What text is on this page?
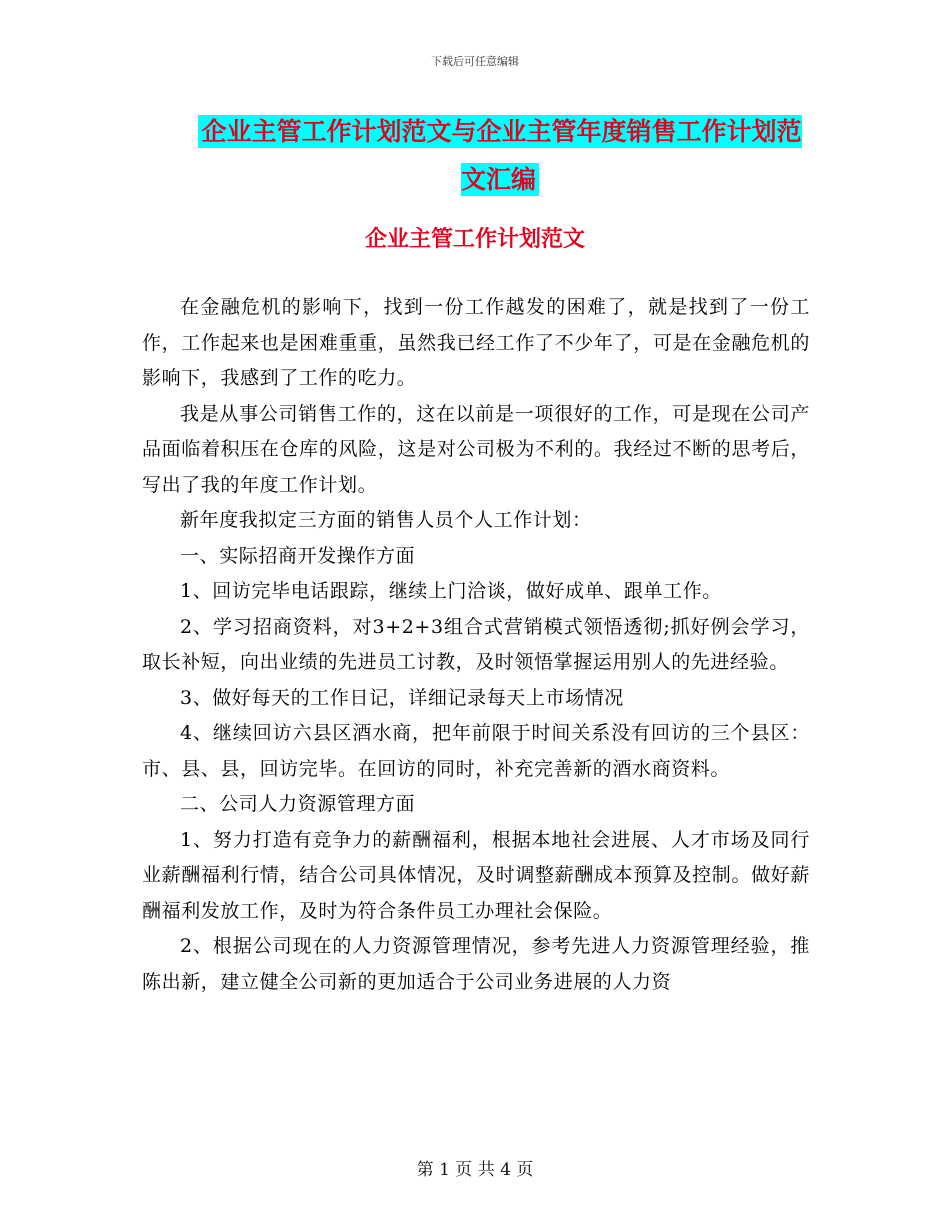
下载后可任意编辑
企业主管工作计划范文与企业主管年度销售工作计划范文汇编
企业主管工作计划范文

在金融危机的影响下，找到一份工作越发的困难了，就是找到了一份工作，工作起来也是困难重重，虽然我已经工作了不少年了，可是在金融危机的影响下，我感到了工作的吃力。

我是从事公司销售工作的，这在以前是一项很好的工作，可是现在公司产品面临着积压在仓库的风险，这是对公司极为不利的。我经过不断的思考后，写出了我的年度工作计划。

新年度我拟定三方面的销售人员个人工作计划：

一、实际招商开发操作方面

1、回访完毕电话跟踪，继续上门洽谈，做好成单、跟单工作。

2、学习招商资料，对3+2+3组合式营销模式领悟透彻;抓好例会学习，取长补短，向出业绩的先进员工讨教，及时领悟掌握运用别人的先进经验。

3、做好每天的工作日记，详细记录每天上市场情况

4、继续回访六县区酒水商，把年前限于时间关系没有回访的三个县区：市、县、县，回访完毕。在回访的同时，补充完善新的酒水商资料。

二、公司人力资源管理方面

1、努力打造有竞争力的薪酬福利，根据本地社会进展、人才市场及同行业薪酬福利行情，结合公司具体情况，及时调整薪酬成本预算及控制。做好薪酬福利发放工作，及时为符合条件员工办理社会保险。

2、根据公司现在的人力资源管理情况，参考先进人力资源管理经验，推陈出新，建立健全公司新的更加适合于公司业务进展的人力资

第 1 页 共 4 页
